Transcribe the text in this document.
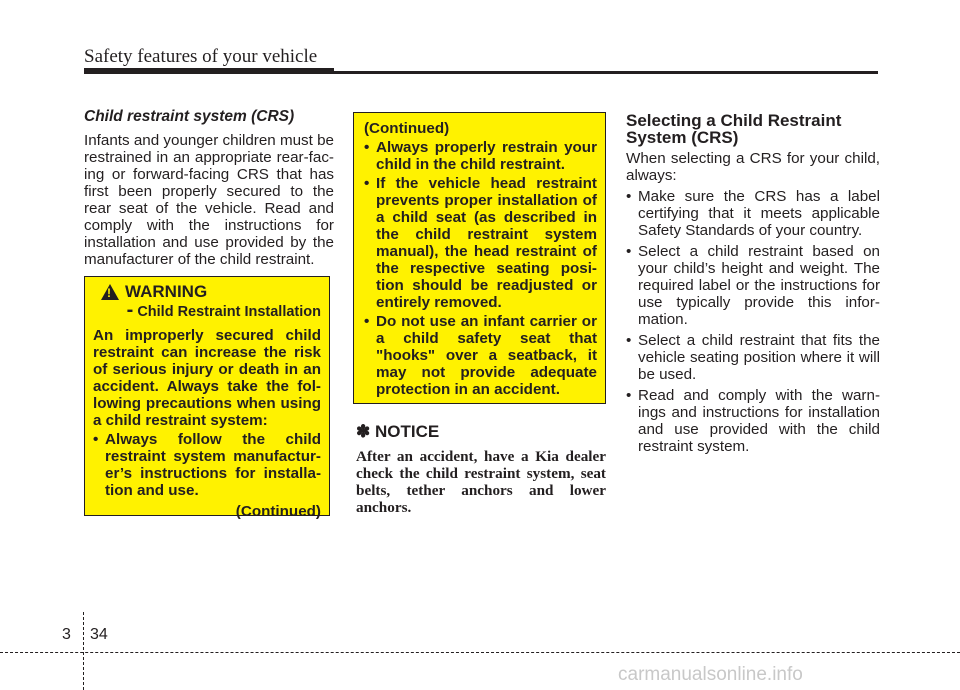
Safety features of your vehicle

Child restraint system (CRS)

Infants and younger children must be restrained in an appropriate rear-fac-ing or forward-facing CRS that has first been properly secured to the rear seat of the vehicle. Read and comply with the instructions for installation and use provided by the manufacturer of the child restraint.

!
WARNING
- Child Restraint Installation

An improperly secured child restraint can increase the risk of serious injury or death in an accident. Always take the fol-lowing precautions when using a child restraint system:

• Always follow the child restraint system manufactur-er’s instructions for installa-tion and use.
(Continued)
(Continued)
• Always properly restrain your child in the child restraint.
• If the vehicle head restraint prevents proper installation of a child seat (as described in the child restraint system manual), the head restraint of the respective seating posi-tion should be readjusted or entirely removed.
• Do not use an infant carrier or a child safety seat that "hooks" over a seatback, it may not provide adequate protection in an accident.

✽ NOTICE

After an accident, have a Kia dealer check the child restraint system, seat belts, tether anchors and lower anchors.

Selecting a Child Restraint System (CRS)

When selecting a CRS for your child, always:

• Make sure the CRS has a label certifying that it meets applicable Safety Standards of your country.
• Select a child restraint based on your child’s height and weight. The required label or the instructions for use typically provide this infor-mation.
• Select a child restraint that fits the vehicle seating position where it will be used.
• Read and comply with the warn-ings and instructions for installation and use provided with the child restraint system.
3 34
carmanualsonline.info
